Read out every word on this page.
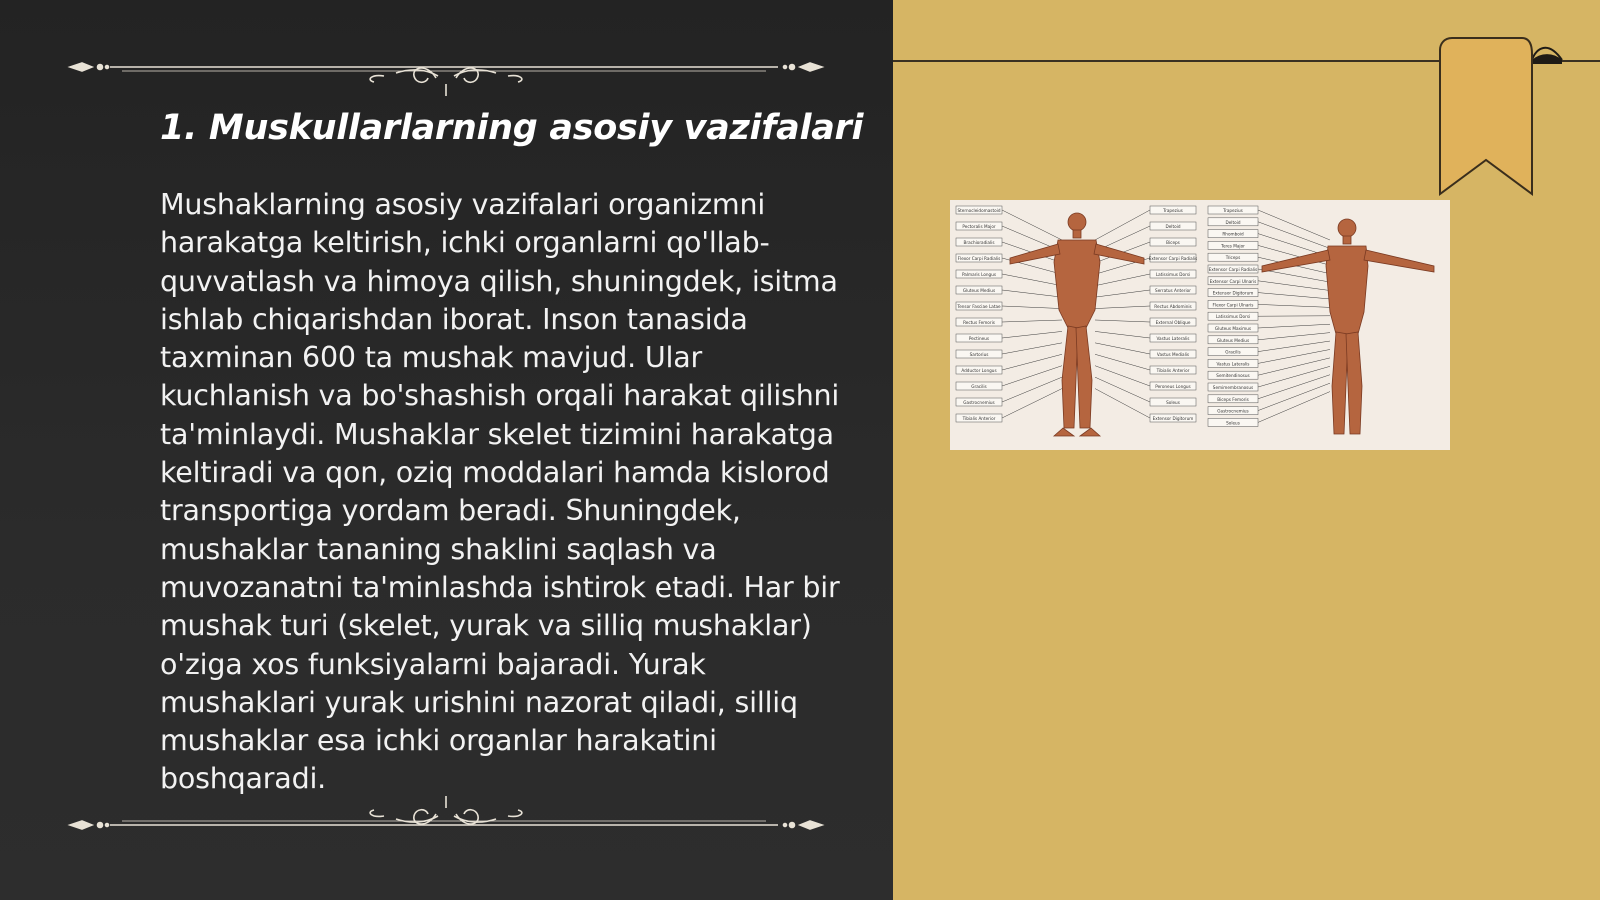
1. Muskullarlarning asosiy vazifalari

Mushaklarning asosiy vazifalari organizmni harakatga keltirish, ichki organlarni qo'llab-quvvatlash va himoya qilish, shuningdek, isitma ishlab chiqarishdan iborat. Inson tanasida taxminan 600 ta mushak mavjud. Ular kuchlanish va bo'shashish orqali harakat qilishni ta'minlaydi. Mushaklar skelet tizimini harakatga keltiradi va qon, oziq moddalari hamda kislorod transportiga yordam beradi. Shuningdek, mushaklar tananing shaklini saqlash va muvozanatni ta'minlashda ishtirok etadi. Har bir mushak turi (skelet, yurak va silliq mushaklar) o'ziga xos funksiyalarni bajaradi. Yurak mushaklari yurak urishini nazorat qiladi, silliq mushaklar esa ichki organlar harakatini boshqaradi.

Sternocleidomastoid
Pectoralis Major
Brachioradialis
Flexor Carpi Radialis
Palmaris Longus
Gluteus Medius
Tensor Fasciae Latae
Rectus Femoris
Pectineus
Sartorius
Adductor Longus
Gracilis
Gastrocnemius
Tibialis Anterior
Trapezius
Deltoid
Biceps
Extensor Carpi Radialis
Latissimus Dorsi
Serratus Anterior
Rectus Abdominis
External Oblique
Vastus Lateralis
Vastus Medialis
Tibialis Anterior
Peroneus Longus
Soleus
Extensor Digitorum
Trapezius
Deltoid
Rhomboid
Teres Major
Triceps
Extensor Carpi Radialis
Extensor Carpi Ulnaris
Extensor Digitorum
Flexor Carpi Ulnaris
Latissimus Dorsi
Gluteus Maximus
Gluteus Medius
Gracilis
Vastus Lateralis
Semitendinosus
Semimembranosus
Biceps Femoris
Gastrocnemius
Soleus
